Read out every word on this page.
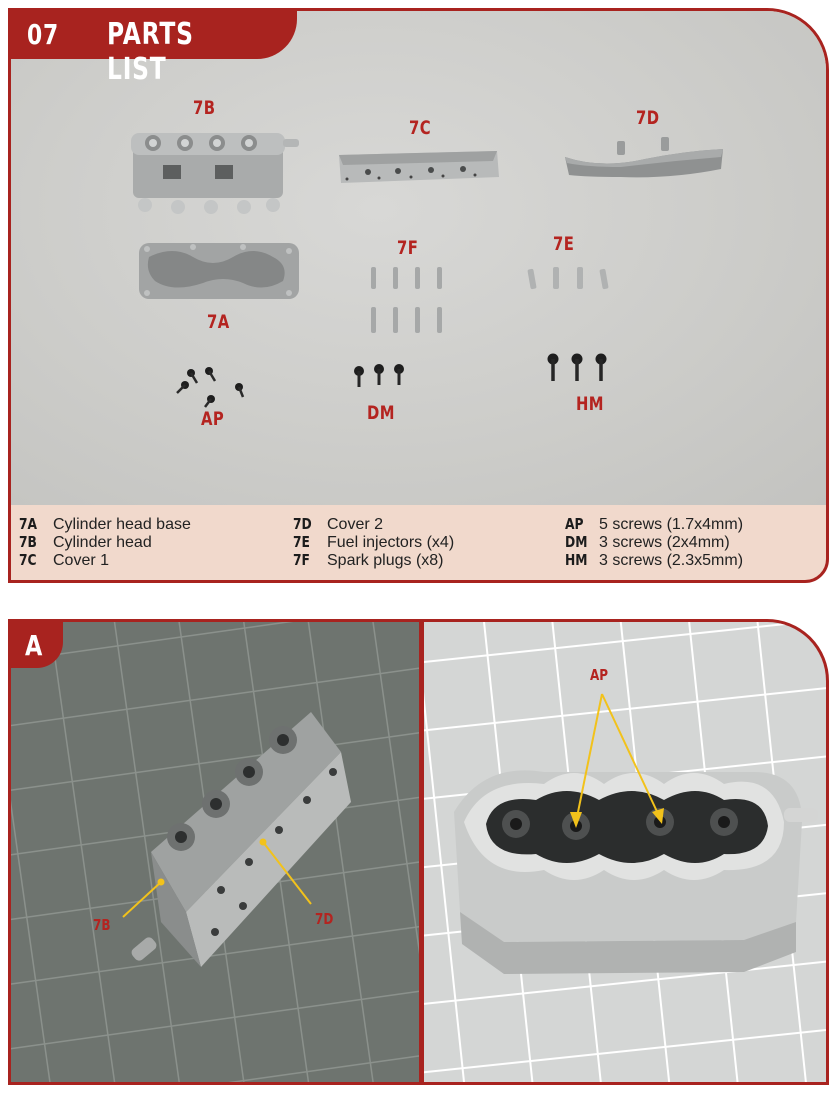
7B
7C	7D
7A
7F	7E
AP	DM	HM
07 PARTS LIST
7A Cylinder head base
7B	Cylinder head
7C	Cover 1
7D Cover 2
7E	Fuel injectors (x4)
7F	Spark plugs (x8)
AP 5 screws (1.7x4mm)
DM 3 screws (2x4mm)
HM 3 screws (2.3x5mm)
7B	7D
A
AP
